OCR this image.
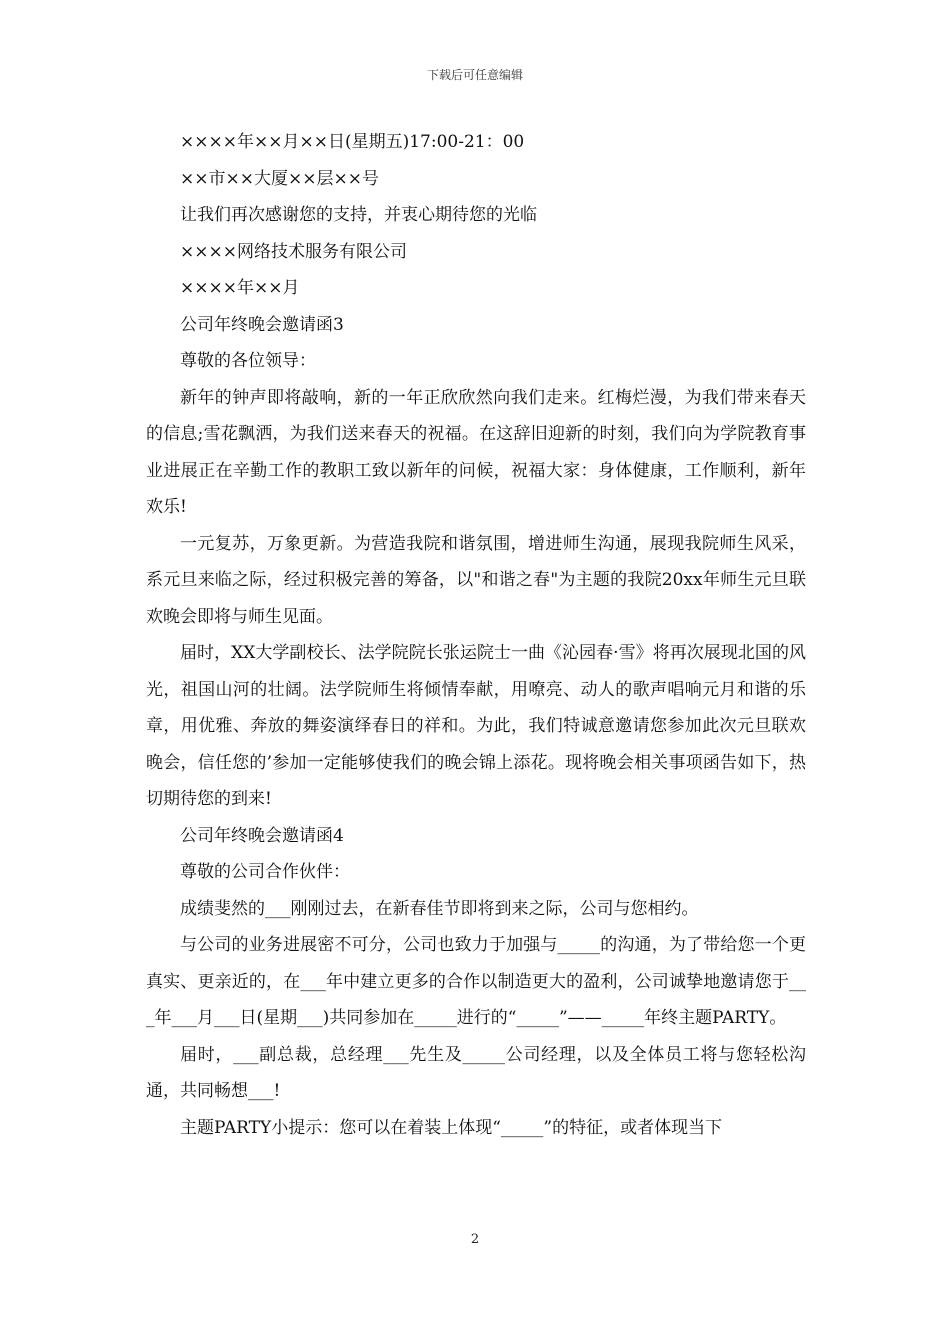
下载后可任意编辑

××××年××月××日(星期五)17:00-21：00

××市××大厦××层××号

让我们再次感谢您的支持，并衷心期待您的光临

××××网络技术服务有限公司

××××年××月

公司年终晚会邀请函3

尊敬的各位领导：

新年的钟声即将敲响，新的一年正欣欣然向我们走来。红梅烂漫，为我们带来春天的信息;雪花飘洒，为我们送来春天的祝福。在这辞旧迎新的时刻，我们向为学院教育事业进展正在辛勤工作的教职工致以新年的问候，祝福大家：身体健康，工作顺利，新年欢乐!

一元复苏，万象更新。为营造我院和谐氛围，增进师生沟通，展现我院师生风采，系元旦来临之际，经过积极完善的筹备，以"和谐之春"为主题的我院20xx年师生元旦联欢晚会即将与师生见面。

届时，XX大学副校长、法学院院长张运院士一曲《沁园春·雪》将再次展现北国的风光，祖国山河的壮阔。法学院师生将倾情奉献，用嘹亮、动人的歌声唱响元月和谐的乐章，用优雅、奔放的舞姿演绎春日的祥和。为此，我们特诚意邀请您参加此次元旦联欢晚会，信任您的’参加一定能够使我们的晚会锦上添花。现将晚会相关事项函告如下，热切期待您的到来!

公司年终晚会邀请函4

尊敬的公司合作伙伴：

成绩斐然的___刚刚过去，在新春佳节即将到来之际，公司与您相约。

与公司的业务进展密不可分，公司也致力于加强与_____的沟通，为了带给您一个更真实、更亲近的，在___年中建立更多的合作以制造更大的盈利，公司诚挚地邀请您于___年___月___日(星期___)共同参加在_____进行的“_____”——_____年终主题PARTY。

届时，___副总裁，总经理___先生及_____公司经理，以及全体员工将与您轻松沟通，共同畅想___!

主题PARTY小提示：您可以在着装上体现“_____”的特征，或者体现当下

2
